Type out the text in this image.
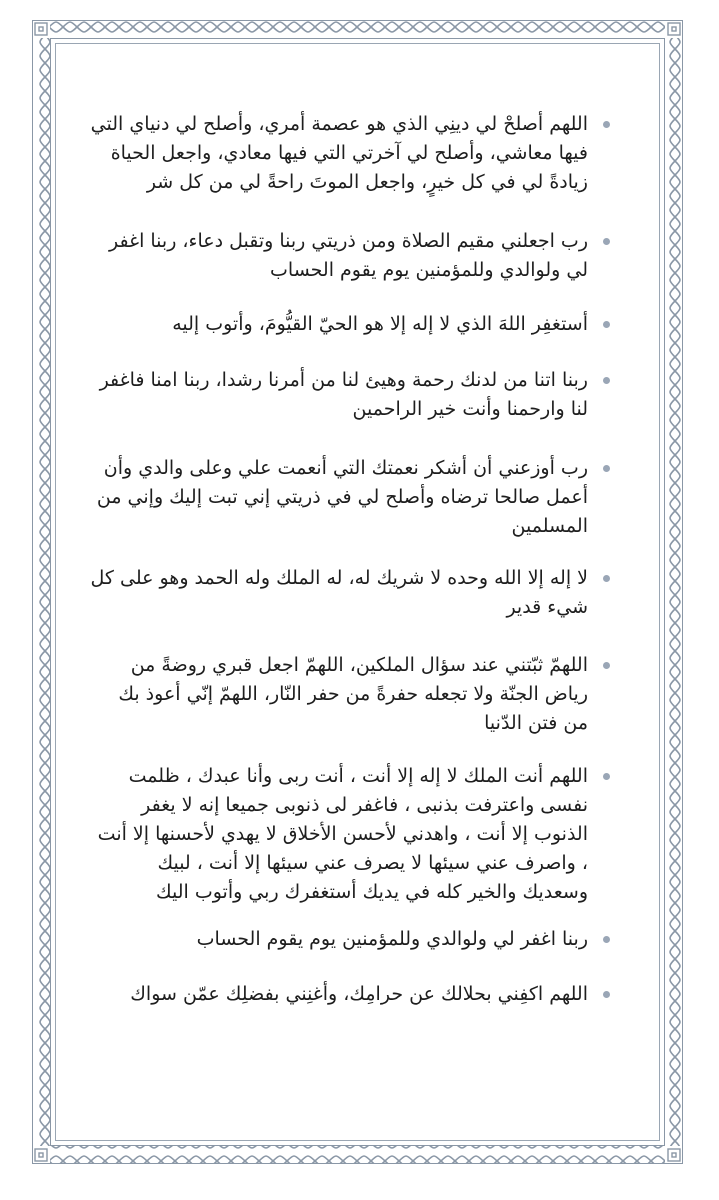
اللهم أصلحْ لي دينِي الذي هو عصمة أمري، وأصلح لي دنياي التي فيها معاشي، وأصلح لي آخرتي التي فيها معادي، واجعل الحياة زيادةً لي في كل خيرٍ، واجعل الموتَ راحةً لي من كل شر
رب اجعلني مقيم الصلاة ومن ذريتي ربنا وتقبل دعاء، ربنا اغفر لي ولوالدي وللمؤمنين يوم يقوم الحساب
أستغفِر اللهَ الذي لا إله إلا هو الحيّ القيُّومَ، وأتوب إليه
ربنا اتنا من لدنك رحمة وهيئ لنا من أمرنا رشدا، ربنا امنا فاغفر لنا وارحمنا وأنت خير الراحمين
رب أوزعني أن أشكر نعمتك التي أنعمت علي وعلى والدي وأن أعمل صالحا ترضاه وأصلح لي في ذريتي إني تبت إليك وإني من المسلمين
لا إله إلا الله وحده لا شريك له، له الملك وله الحمد وهو على كل شيء قدير
اللهمّ ثبّتني عند سؤال الملكين، اللهمّ اجعل قبري روضةً من رياض الجنّة ولا تجعله حفرةً من حفر النّار، اللهمّ إنّي أعوذ بك من فتن الدّنيا
اللهم أنت الملك لا إله إلا أنت ، أنت ربى وأنا عبدك ، ظلمت نفسى واعترفت بذنبى ، فاغفر لى ذنوبى جميعا إنه لا يغفر الذنوب إلا أنت ، واهدني لأحسن الأخلاق لا يهدي لأحسنها إلا أنت ، واصرف عني سيئها لا يصرف عني سيئها إلا أنت ، لبيك وسعديك والخير كله في يديك أستغفرك ربي وأتوب اليك
ربنا اغفر لي ولوالدي وللمؤمنين يوم يقوم الحساب
اللهم اكفِني بحلالك عن حرامِك، وأغنِني بفضلِك عمّن سواك
